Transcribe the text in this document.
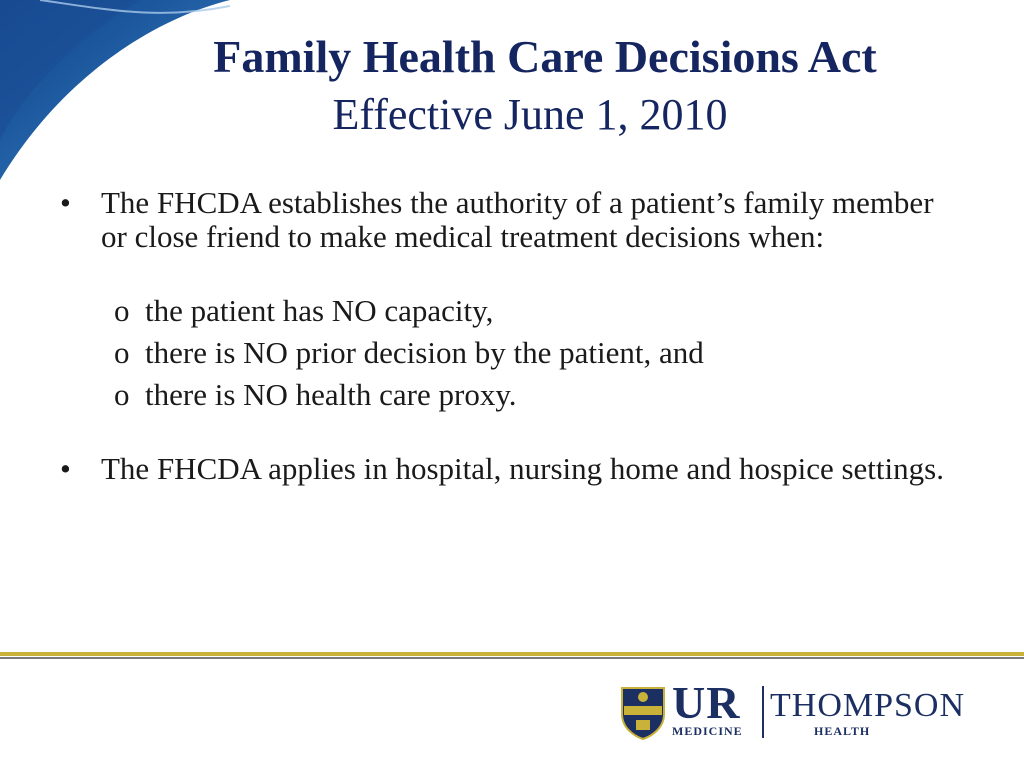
Family Health Care Decisions Act
Effective June 1, 2010
• The FHCDA establishes the authority of a patient’s family member or close friend to make medical treatment decisions when:
o the patient has NO capacity,
o there is NO prior decision by the patient, and
o there is NO health care proxy.
• The FHCDA applies in hospital, nursing home and hospice settings.
UR
MEDICINE
THOMPSON
HEALTH
